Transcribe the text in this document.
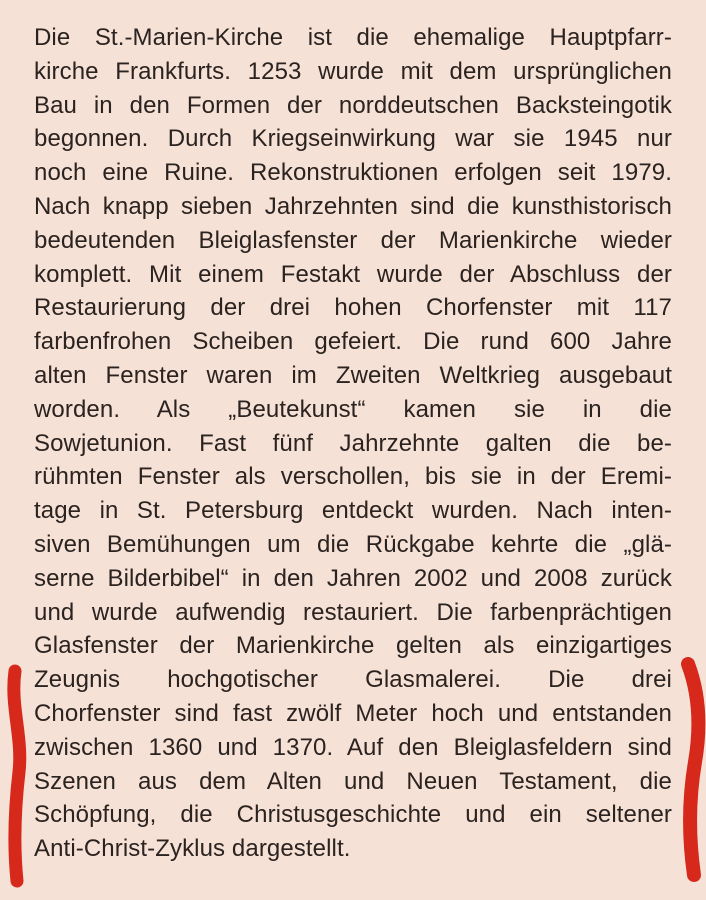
Die St.-Marien-Kirche ist die ehemalige Hauptpfarr-
kirche Frankfurts. 1253 wurde mit dem ursprünglichen
Bau in den Formen der norddeutschen Backsteingotik
begonnen. Durch Kriegseinwirkung war sie 1945 nur
noch eine Ruine. Rekonstruktionen erfolgen seit 1979.
Nach knapp sieben Jahrzehnten sind die kunsthistorisch
bedeutenden Bleiglasfenster der Marienkirche wieder
komplett. Mit einem Festakt wurde der Abschluss der
Restaurierung der drei hohen Chorfenster mit 117
farbenfrohen Scheiben gefeiert. Die rund 600 Jahre
alten Fenster waren im Zweiten Weltkrieg ausgebaut
worden. Als „Beutekunst“ kamen sie in die
Sowjetunion. Fast fünf Jahrzehnte galten die be-
rühmten Fenster als verschollen, bis sie in der Eremi-
tage in St. Petersburg entdeckt wurden. Nach inten-
siven Bemühungen um die Rückgabe kehrte die „glä-
serne Bilderbibel“ in den Jahren 2002 und 2008 zurück
und wurde aufwendig restauriert. Die farbenprächtigen
Glasfenster der Marienkirche gelten als einzigartiges
Zeugnis hochgotischer Glasmalerei. Die drei
Chorfenster sind fast zwölf Meter hoch und entstanden
zwischen 1360 und 1370. Auf den Bleiglasfeldern sind
Szenen aus dem Alten und Neuen Testament, die
Schöpfung, die Christusgeschichte und ein seltener
Anti-Christ-Zyklus dargestellt.
